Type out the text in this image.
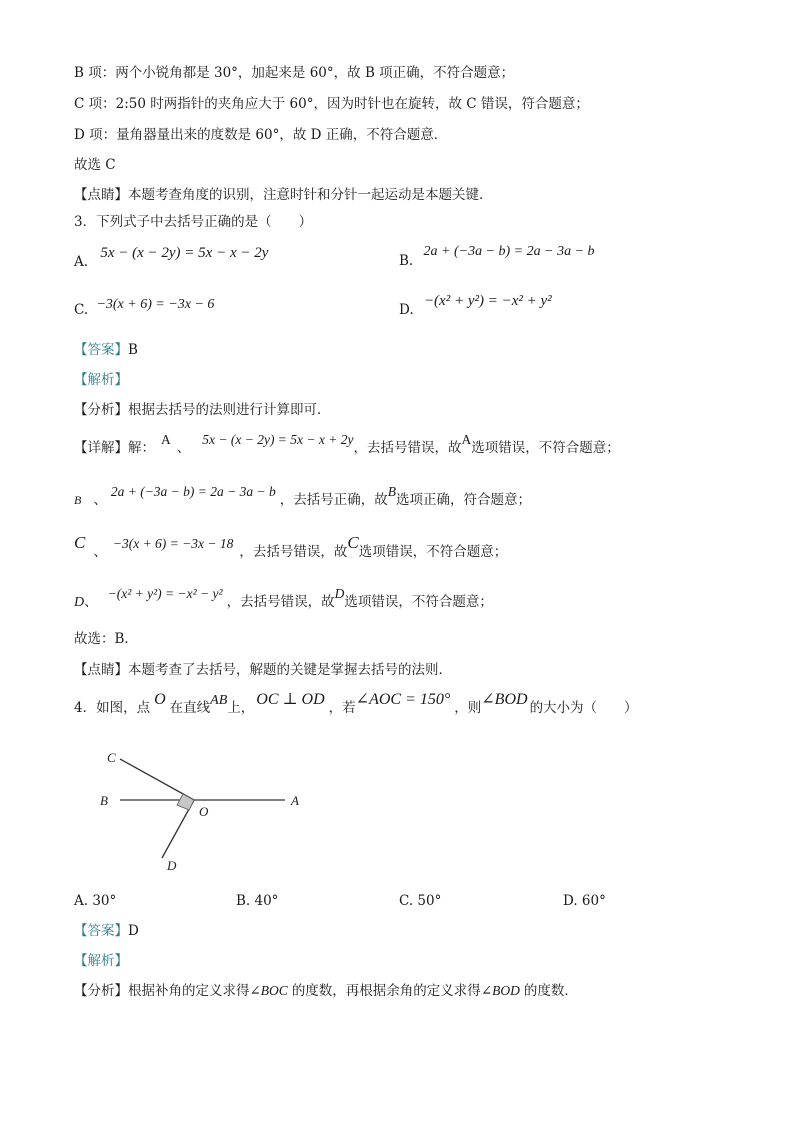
B 项：两个小锐角都是 30°，加起来是 60°，故 B 项正确，不符合题意；
C 项：2:50 时两指针的夹角应大于 60°，因为时针也在旋转，故 C 错误，符合题意；
D 项：量角器量出来的度数是 60°，故 D 正确，不符合题意．
故选 C
【点睛】本题考查角度的识别，注意时针和分针一起运动是本题关键．
3．下列式子中去括号正确的是（　　）
A. 5x − (x − 2y) = 5x − x − 2y	B. 2a + (−3a − b) = 2a − 3a − b
C. −3(x + 6) = −3x − 6	D. −(x² + y²) = −x² + y²
【答案】B
【解析】
【分析】根据去括号的法则进行计算即可．
【详解】解：A、5x − (x − 2y) = 5x − x + 2y，去括号错误，故A选项错误，不符合题意；
B 、2a + (−3a − b) = 2a − 3a − b，去括号正确，故B选项正确，符合题意；
C 、−3(x + 6) = −3x − 18，去括号错误，故C选项错误，不符合题意；
D、−(x² + y²) = −x² − y²，去括号错误，故D选项错误，不符合题意；
故选：B．
【点睛】本题考查了去括号，解题的关键是掌握去括号的法则．
4．如图，点 O 在直线AB上， OC ⊥ OD ，若∠AOC = 150° ，则∠BOD 的大小为（　　）
C
B
O
A
D
A. 30°	B. 40°	C. 50°	D. 60°
【答案】D
【解析】
【分析】根据补角的定义求得∠BOC 的度数，再根据余角的定义求得∠BOD 的度数．
